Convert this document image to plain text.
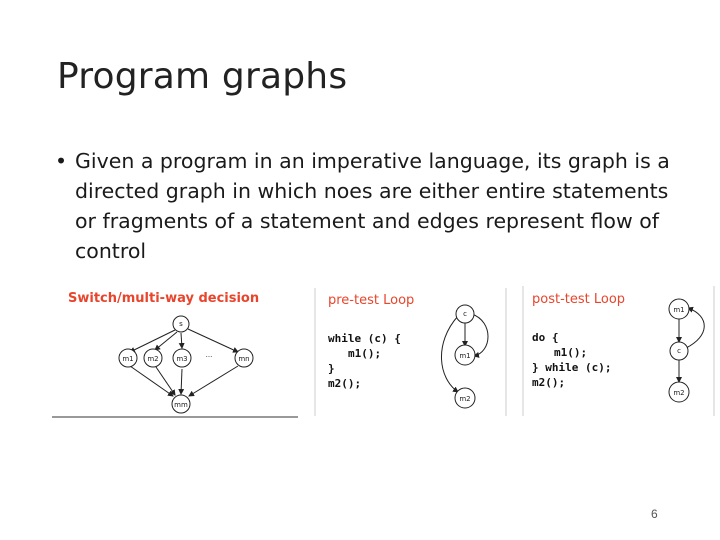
Program graphs
• Given a program in an imperative language, its graph is a directed graph in which noes are either entire statements or fragments of a statement and edges represent flow of control
Switch/multi-way decision
s
m1 m2	m3	...	mn
mm
pre-test Loop
while (c) {
m1();
}
m2();
c
m1
m2
post-test Loop
do {
m1();
} while (c);
m2();
m1
c
m2
6
